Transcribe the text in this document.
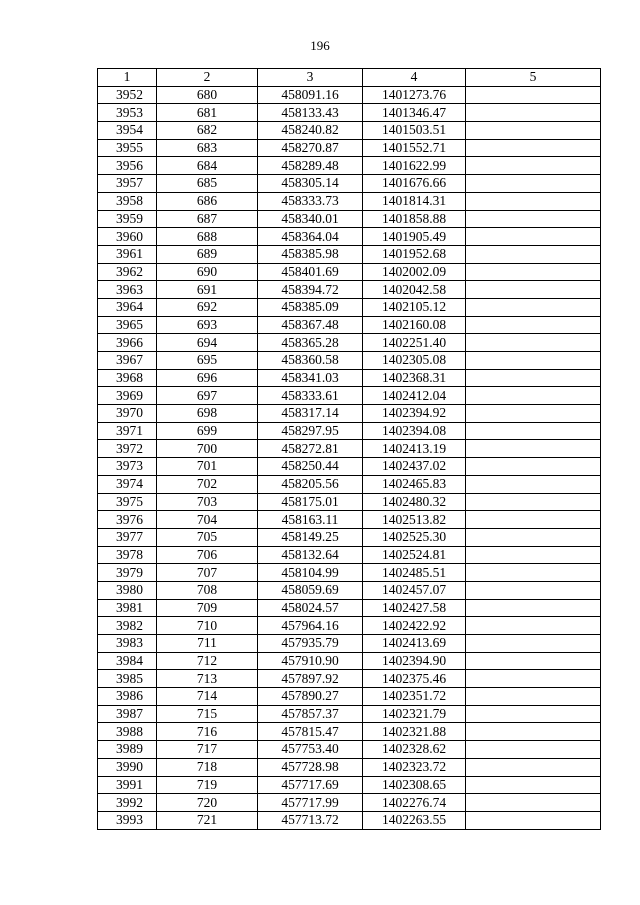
196
1	2	3	4	5
3952	680	458091.16	1401273.76	
3953	681	458133.43	1401346.47	
3954	682	458240.82	1401503.51	
3955	683	458270.87	1401552.71	
3956	684	458289.48	1401622.99	
3957	685	458305.14	1401676.66	
3958	686	458333.73	1401814.31	
3959	687	458340.01	1401858.88	
3960	688	458364.04	1401905.49	
3961	689	458385.98	1401952.68	
3962	690	458401.69	1402002.09	
3963	691	458394.72	1402042.58	
3964	692	458385.09	1402105.12	
3965	693	458367.48	1402160.08	
3966	694	458365.28	1402251.40	
3967	695	458360.58	1402305.08	
3968	696	458341.03	1402368.31	
3969	697	458333.61	1402412.04	
3970	698	458317.14	1402394.92	
3971	699	458297.95	1402394.08	
3972	700	458272.81	1402413.19	
3973	701	458250.44	1402437.02	
3974	702	458205.56	1402465.83	
3975	703	458175.01	1402480.32	
3976	704	458163.11	1402513.82	
3977	705	458149.25	1402525.30	
3978	706	458132.64	1402524.81	
3979	707	458104.99	1402485.51	
3980	708	458059.69	1402457.07	
3981	709	458024.57	1402427.58	
3982	710	457964.16	1402422.92	
3983	711	457935.79	1402413.69	
3984	712	457910.90	1402394.90	
3985	713	457897.92	1402375.46	
3986	714	457890.27	1402351.72	
3987	715	457857.37	1402321.79	
3988	716	457815.47	1402321.88	
3989	717	457753.40	1402328.62	
3990	718	457728.98	1402323.72	
3991	719	457717.69	1402308.65	
3992	720	457717.99	1402276.74	
3993	721	457713.72	1402263.55	
